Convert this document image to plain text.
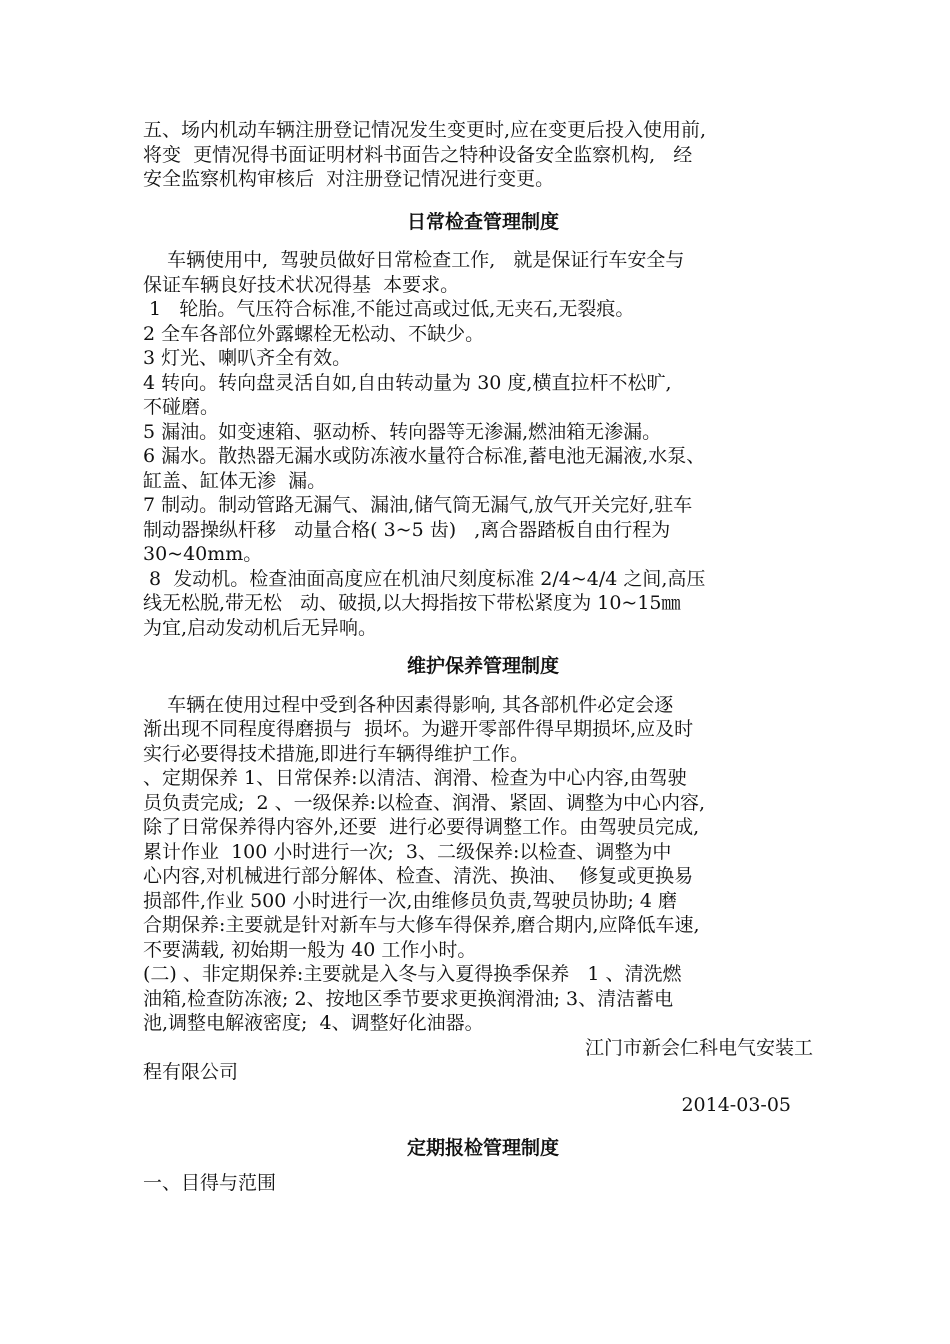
五、场内机动车辆注册登记情况发生变更时,应在变更后投入使用前,
将变  更情况得书面证明材料书面告之特种设备安全监察机构,   经
安全监察机构审核后  对注册登记情况进行变更。
日常检查管理制度
车辆使用中,  驾驶员做好日常检查工作,   就是保证行车安全与
保证车辆良好技术状况得基  本要求。
1   轮胎。气压符合标准,不能过高或过低,无夹石,无裂痕。
2 全车各部位外露螺栓无松动、不缺少。
3 灯光、喇叭齐全有效。
4 转向。转向盘灵活自如,自由转动量为 30 度,横直拉杆不松旷,
不碰磨。
5 漏油。如变速箱、驱动桥、转向器等无渗漏,燃油箱无渗漏。
6 漏水。散热器无漏水或防冻液水量符合标准,蓄电池无漏液,水泵、
缸盖、缸体无渗  漏。
7 制动。制动管路无漏气、漏油,储气筒无漏气,放气开关完好,驻车
制动器操纵杆移   动量合格( 3~5 齿)   ,离合器踏板自由行程为
30~40mm。
8  发动机。检查油面高度应在机油尺刻度标准 2/4~4/4 之间,高压
线无松脱,带无松   动、破损,以大拇指按下带松紧度为 10~15㎜
为宜,启动发动机后无异响。
维护保养管理制度
车辆在使用过程中受到各种因素得影响, 其各部机件必定会逐
渐出现不同程度得磨损与  损坏。为避开零部件得早期损坏,应及时
实行必要得技术措施,即进行车辆得维护工作。
、定期保养 1、日常保养:以清洁、润滑、检查为中心内容,由驾驶
员负责完成;  2 、一级保养:以检查、润滑、紧固、调整为中心内容,
除了日常保养得内容外,还要  进行必要得调整工作。由驾驶员完成,
累计作业  100 小时进行一次;  3、二级保养:以检查、调整为中
心内容,对机械进行部分解体、检查、清洗、换油、  修复或更换易
损部件,作业 500 小时进行一次,由维修员负责,驾驶员协助; 4 磨
合期保养:主要就是针对新车与大修车得保养,磨合期内,应降低车速,
不要满载, 初始期一般为 40 工作小时。
(二) 、非定期保养:主要就是入冬与入夏得换季保养   1 、清洗燃
油箱,检查防冻液; 2、按地区季节要求更换润滑油; 3、清洁蓄电
池,调整电解液密度;  4、调整好化油器。
江门市新会仁科电气安装工
程有限公司
2014-03-05
定期报检管理制度
一、目得与范围
